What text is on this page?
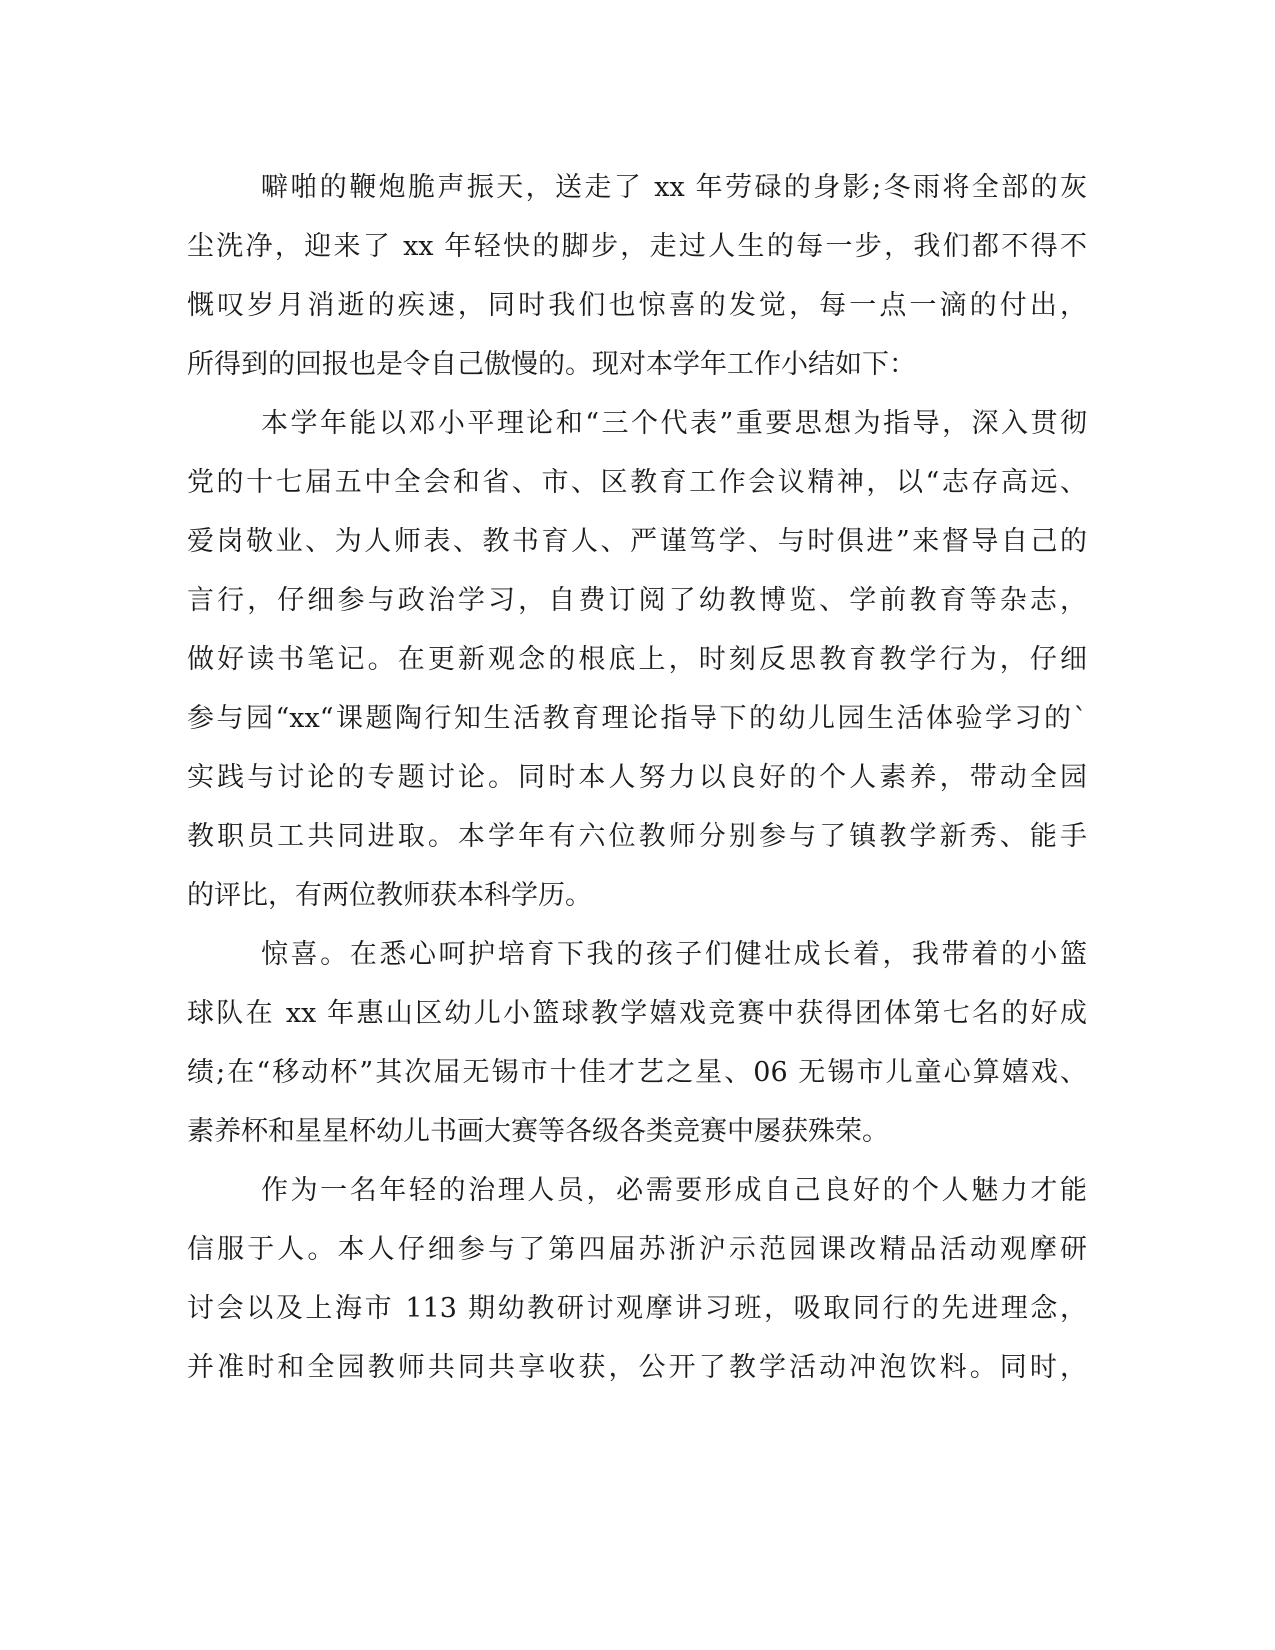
噼啪的鞭炮脆声振天，送走了 xx 年劳碌的身影;冬雨将全部的灰
尘洗净，迎来了 xx 年轻快的脚步，走过人生的每一步，我们都不得不
慨叹岁月消逝的疾速，同时我们也惊喜的发觉，每一点一滴的付出，
所得到的回报也是令自己傲慢的。现对本学年工作小结如下：
本学年能以邓小平理论和“三个代表”重要思想为指导，深入贯彻
党的十七届五中全会和省、市、区教育工作会议精神，以“志存高远、
爱岗敬业、为人师表、教书育人、严谨笃学、与时俱进”来督导自己的
言行，仔细参与政治学习，自费订阅了幼教博览、学前教育等杂志，
做好读书笔记。在更新观念的根底上，时刻反思教育教学行为，仔细
参与园“xx“课题陶行知生活教育理论指导下的幼儿园生活体验学习的`
实践与讨论的专题讨论。同时本人努力以良好的个人素养，带动全园
教职员工共同进取。本学年有六位教师分别参与了镇教学新秀、能手
的评比，有两位教师获本科学历。
惊喜。在悉心呵护培育下我的孩子们健壮成长着，我带着的小篮
球队在 xx 年惠山区幼儿小篮球教学嬉戏竞赛中获得团体第七名的好成
绩;在“移动杯”其次届无锡市十佳才艺之星、06 无锡市儿童心算嬉戏、
素养杯和星星杯幼儿书画大赛等各级各类竞赛中屡获殊荣。
作为一名年轻的治理人员，必需要形成自己良好的个人魅力才能
信服于人。本人仔细参与了第四届苏浙沪示范园课改精品活动观摩研
讨会以及上海市 113 期幼教研讨观摩讲习班，吸取同行的先进理念，
并准时和全园教师共同共享收获，公开了教学活动冲泡饮料。同时，
